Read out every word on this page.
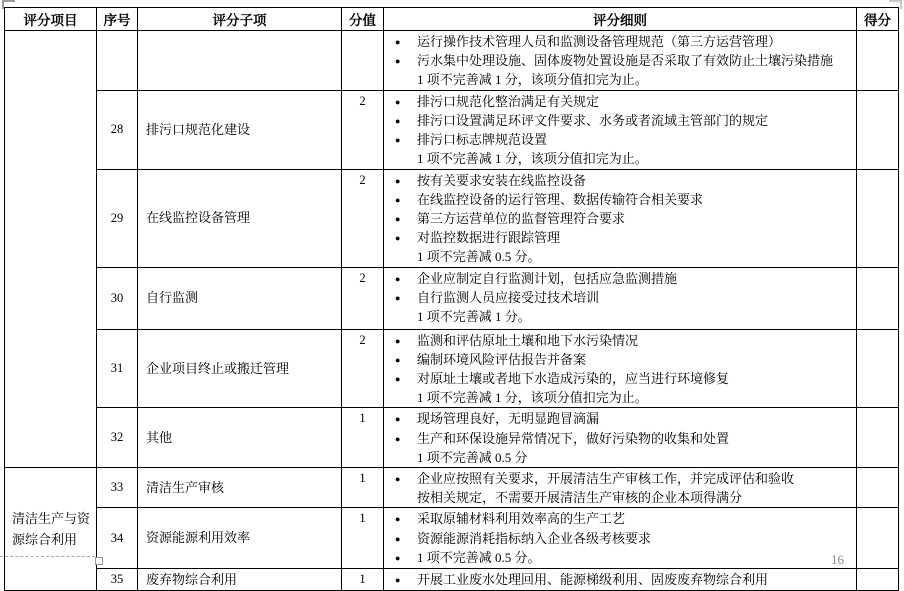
评分项目	序号	评分子项	分值	评分细则	得分

				● 运行操作技术管理人员和监测设备管理规范（第三方运营管理）
● 污水集中处理设施、固体废物处置设施是否采取了有效防止土壤污染措施
1 项不完善减 1 分，该项分值扣完为止。	

28	排污口规范化建设	2	●	排污口规范化整治满足有关规定
●	排污口设置满足环评文件要求、水务或者流域主管部门的规定
●	排污口标志牌规范设置
1 项不完善减 1 分，该项分值扣完为止。

29	在线监控设备管理	2	●	按有关要求安装在线监控设备
●	在线监控设备的运行管理、数据传输符合相关要求
●	第三方运营单位的监督管理符合要求
●	对监控数据进行跟踪管理
1 项不完善减 0.5 分。

	30	自行监测	2	● 企业应制定自行监测计划，包括应急监测措施
● 自行监测人员应接受过技术培训
1 项不完善减 1 分。	

31	企业项目终止或搬迁管理	2	●	监测和评估原址土壤和地下水污染情况
●	编制环境风险评估报告并备案
●	对原址土壤或者地下水造成污染的，应当进行环境修复
1 项不完善减 1 分，该项分值扣完为止。

	32	其他	1	● 现场管理良好，无明显跑冒滴漏
● 生产和环保设施异常情况下，做好污染物的收集和处置
1 项不完善减 0.5 分	

清洁生产与资源综合利用	33	清洁生产审核	1	● 企业应按照有关要求，开展清洁生产审核工作，并完成评估和验收
按相关规定，不需要开展清洁生产审核的企业本项得满分	

34	资源能源利用效率	1	●	采取原辅材料利用效率高的生产工艺
●	资源能源消耗指标纳入企业各级考核要求
●	1 项不完善减 0.5 分。

	35	废弃物综合利用	1	● 开展工业废水处理回用、能源梯级利用、固废废弃物综合利用	

16
